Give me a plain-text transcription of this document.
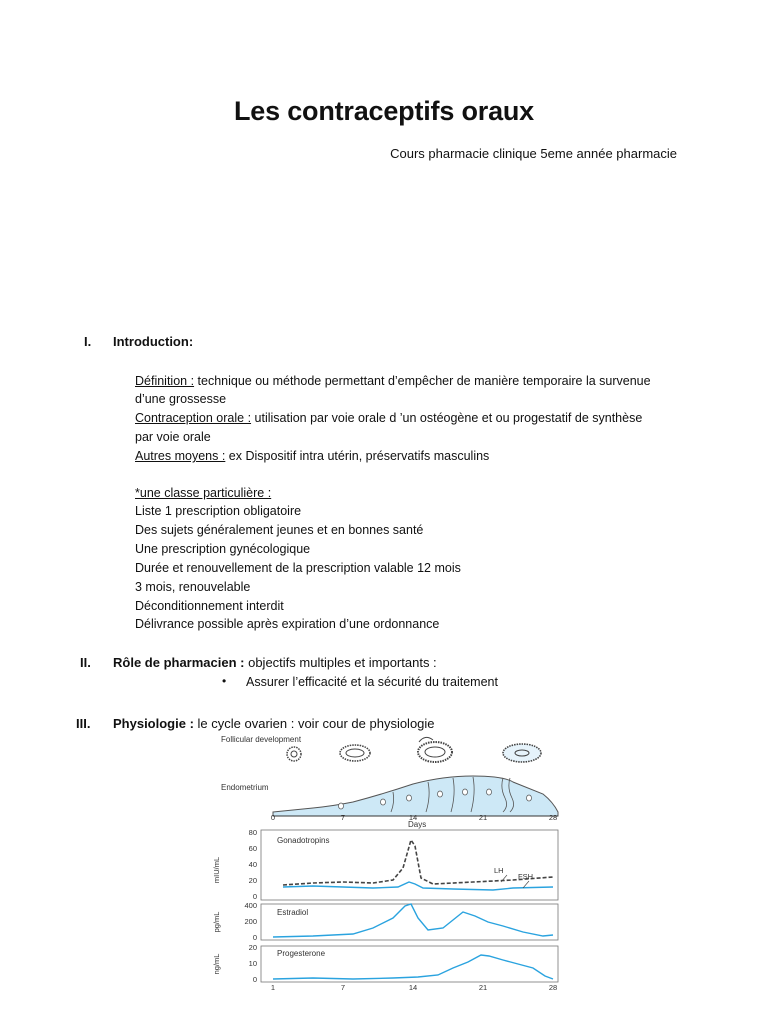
Les contraceptifs oraux
Cours pharmacie clinique 5eme année pharmacie
I. Introduction:
Définition : technique ou méthode permettant d’empêcher de manière temporaire la survenue
d’une grossesse
Contraception orale : utilisation par voie orale d ’un ostéogène et ou progestatif de synthèse
par voie orale
Autres moyens : ex Dispositif intra utérin, préservatifs masculins
*une classe particulière :
Liste 1 prescription obligatoire
Des sujets généralement jeunes et en bonnes santé
Une prescription gynécologique
Durée et renouvellement de la prescription valable 12 mois
3 mois, renouvelable
Déconditionnement interdit
Délivrance possible après expiration d’une ordonnance
II. Rôle de pharmacien : objectifs multiples et importants :
• Assurer l’efficacité et la sécurité du traitement
III. Physiologie : le cycle ovarien : voir cour de physiologie
Follicular development
Endometrium
0	7	14	21	28
Days
Gonadotropins
mIU/mL
80
60
40
20
0
LH
FSH
Estradiol
pg/mL
400
200
0
Progesterone
ng/mL
20
10
0
1	7	14	21	28
